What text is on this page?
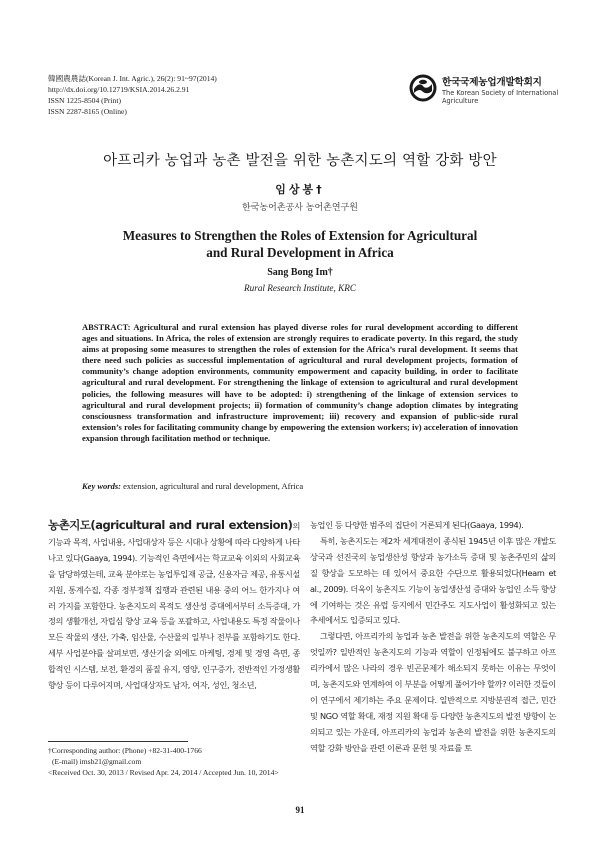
韓國農農誌(Korean J. Int. Agric.), 26(2): 91~97(2014)
http://dx.doi.org/10.12719/KSIA.2014.26.2.91
ISSN 1225-8504 (Print)
ISSN 2287-8165 (Online)
한국국제농업개발학회지
The Korean Society of International
Agriculture
아프리카 농업과 농촌 발전을 위한 농촌지도의 역할 강화 방안
임상봉†
한국농어촌공사 농어촌연구원
Measures to Strengthen the Roles of Extension for Agricultural
and Rural Development in Africa
Sang Bong Im†
Rural Research Institute, KRC
ABSTRACT: Agricultural and rural extension has played diverse roles for rural development according to different ages and situations. In Africa, the roles of extension are strongly requires to eradicate poverty. In this regard, the study aims at proposing some measures to strengthen the roles of extension for the Africa’s rural development. It seems that there need such policies as successful implementation of agricultural and rural development projects, formation of community’s change adoption environments, community empowerment and capacity building, in order to facilitate agricultural and rural development. For strengthening the linkage of extension to agricultural and rural development policies, the following measures will have to be adopted: i) strengthening of the linkage of extension services to agricultural and rural development projects; ii) formation of community’s change adoption climates by integrating consciousness transformation and infrastructure improvement; iii) recovery and expansion of public-side rural extension’s roles for facilitating community change by empowering the extension workers; iv) acceleration of innovation expansion through facilitation method or technique.
Key words: extension, agricultural and rural development, Africa

농촌지도(agricultural and rural extension)의 기능과 목적, 사업내용, 사업대상자 등은 시대나 상황에 따라 다양하게 나타나고 있다(Gaaya, 1994). 기능적인 측면에서는 학교교육 이외의 사회교육을 담당하였는데, 교육 분야로는 농업투입재 공급, 신용자금 제공, 유통시설 지원, 통계수집, 각종 정부정책 집행과 관련된 내용 중의 어느 한가지나 여러 가지를 포함한다. 농촌지도의 목적도 생산성 증대에서부터 소득증대, 가정의 생활개선, 자립심 향상 교육 등을 포괄하고, 사업내용도 특정 작물이나 모든 작물의 생산, 가축, 임산물, 수산물의 일부나 전부를 포함하기도 한다. 세부 사업분야를 살펴보면, 생산기술 외에도 마케팅, 경제 및 경영 측면, 종합적인 시스템, 보전, 환경의 품질 유지, 영양, 인구증가, 전반적인 가정생활 향상 등이 다루어지며, 사업대상자도 남자, 여자, 성인, 청소년,

농업인 등 다양한 범주의 집단이 거론되게 된다(Gaaya, 1994).

특히, 농촌지도는 제2차 세계대전이 종식된 1945년 이후 많은 개발도상국과 선진국의 농업생산성 향상과 농가소득 증대 및 농촌주민의 삶의 질 향상을 도모하는 데 있어서 중요한 수단으로 활용되었다(Hearn et al., 2009). 더욱이 농촌지도 기능이 농업생산성 증대와 농업인 소득 향상에 기여하는 것은 유럽 등지에서 민간주도 지도사업이 활성화되고 있는 추세에서도 입증되고 있다.

그렇다면, 아프리카의 농업과 농촌 발전을 위한 농촌지도의 역할은 무엇일까? 일반적인 농촌지도의 기능과 역할이 인정됨에도 불구하고 아프리카에서 많은 나라의 경우 빈곤문제가 해소되지 못하는 이유는 무엇이며, 농촌지도와 연계하여 이 부분을 어떻게 풀어가야 할까? 이러한 것들이 이 연구에서 제기하는 주요 문제이다. 일반적으로 지방분권적 접근, 민간 및 NGO 역할 확대, 재정 지원 확대 등 다양한 농촌지도의 발전 방향이 논의되고 있는 가운데, 아프리카의 농업과 농촌의 발전을 위한 농촌지도의 역할 강화 방안을 관련 이론과 문헌 및 자료를 토

†Corresponding author: (Phone) +82-31-400-1766
(E-mail) imsb21@gmail.com
<Received Oct. 30, 2013 / Revised Apr. 24, 2014 / Accepted Jun. 10, 2014>
91
